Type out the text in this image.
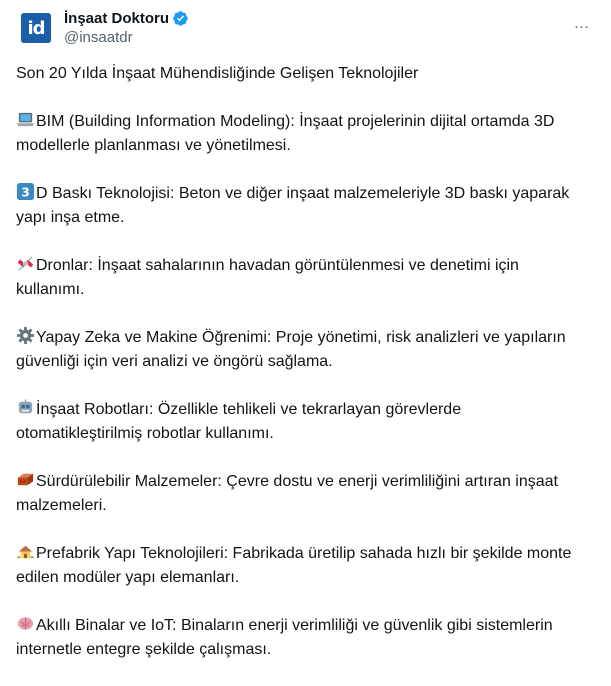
id	İnşaat Doktoru
@insaatdr
…

Son 20 Yılda İnşaat Mühendisliğinde Gelişen Teknolojiler

BIM (Building Information Modeling): İnşaat projelerinin dijital ortamda 3D modellerle planlanması ve yönetilmesi.

3 D Baskı Teknolojisi: Beton ve diğer inşaat malzemeleriyle 3D baskı yaparak yapı inşa etme.

Dronlar: İnşaat sahalarının havadan görüntülenmesi ve denetimi için kullanımı.

Yapay Zeka ve Makine Öğrenimi: Proje yönetimi, risk analizleri ve yapıların güvenliği için veri analizi ve öngörü sağlama.

İnşaat Robotları: Özellikle tehlikeli ve tekrarlayan görevlerde otomatikleştirilmiş robotlar kullanımı.

Sürdürülebilir Malzemeler: Çevre dostu ve enerji verimliliğini artıran inşaat malzemeleri.

Prefabrik Yapı Teknolojileri: Fabrikada üretilip sahada hızlı bir şekilde monte edilen modüler yapı elemanları.

Akıllı Binalar ve IoT: Binaların enerji verimliliği ve güvenlik gibi sistemlerin internetle entegre şekilde çalışması.
